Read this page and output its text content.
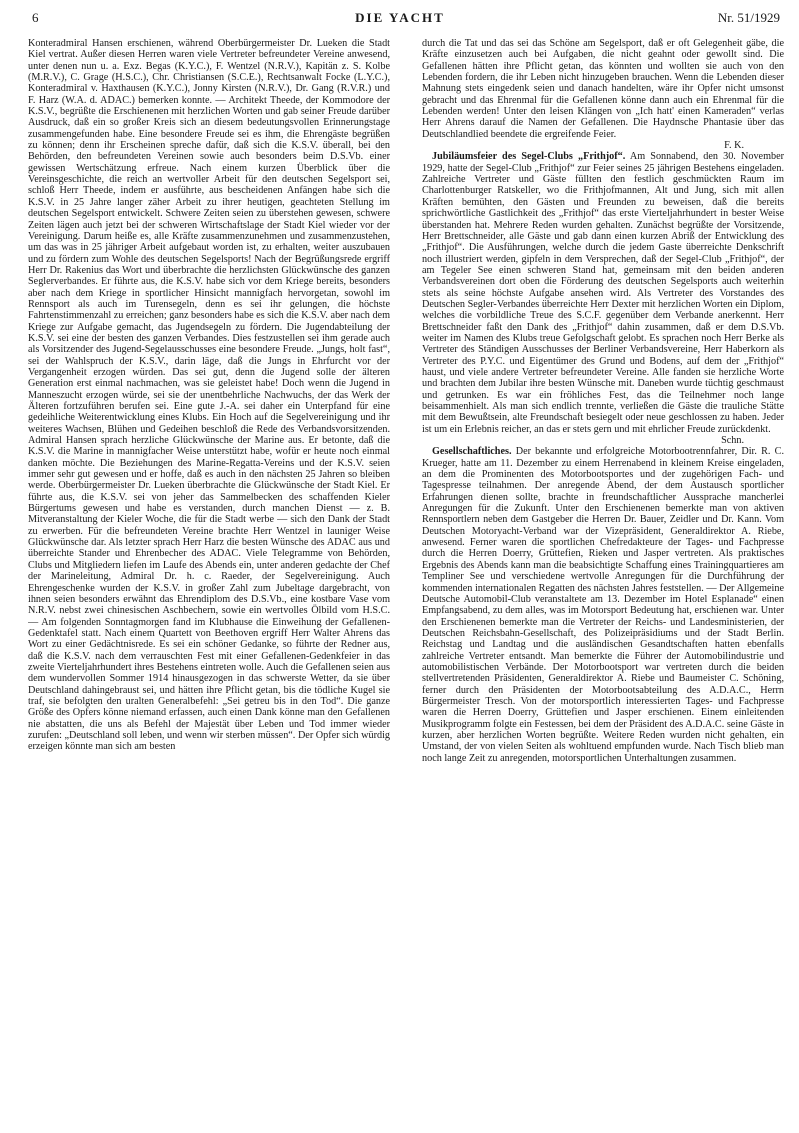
6	DIE YACHT	Nr. 51/1929

Konteradmiral Hansen erschienen, während Oberbürgermeister Dr. Lueken die Stadt Kiel vertrat. Außer diesen Herren waren viele Vertreter befreundeter Vereine anwesend, unter denen nun u. a. Exz. Begas (K.Y.C.), F. Wentzel (N.R.V.), Kapitän z. S. Kolbe (M.R.V.), C. Grage (H.S.C.), Chr. Christiansen (S.C.E.), Rechtsanwalt Focke (L.Y.C.), Konteradmiral v. Haxthausen (K.Y.C.), Jonny Kirsten (N.R.V.), Dr. Gang (R.V.R.) und F. Harz (W.A. d. ADAC.) bemerken konnte. — Architekt Theede, der Kommodore der K.S.V., begrüßte die Erschienenen mit herzlichen Worten und gab seiner Freude darüber Ausdruck, daß ein so großer Kreis sich an diesem bedeutungsvollen Erinnerungstage zusammengefunden habe. Eine besondere Freude sei es ihm, die Ehrengäste begrüßen zu können; denn ihr Erscheinen spreche dafür, daß sich die K.S.V. überall, bei den Behörden, den befreundeten Vereinen sowie auch besonders beim D.S.Vb. einer gewissen Wertschätzung erfreue. Nach einem kurzen Überblick über die Vereinsgeschichte, die reich an wertvoller Arbeit für den deutschen Segelsport sei, schloß Herr Theede, indem er ausführte, aus bescheidenen Anfängen habe sich die K.S.V. in 25 Jahre langer zäher Arbeit zu ihrer heutigen, geachteten Stellung im deutschen Segelsport entwickelt. Schwere Zeiten seien zu überstehen gewesen, schwere Zeiten lägen auch jetzt bei der schweren Wirtschaftslage der Stadt Kiel wieder vor der Vereinigung. Darum heiße es, alle Kräfte zusammenzunehmen und zusammenzustehen, um das was in 25 jähriger Arbeit aufgebaut worden ist, zu erhalten, weiter auszubauen und zu fördern zum Wohle des deutschen Segelsports! Nach der Begrüßungsrede ergriff Herr Dr. Rakenius das Wort und überbrachte die herzlichsten Glückwünsche des ganzen Seglerverbandes. Er führte aus, die K.S.V. habe sich vor dem Kriege bereits, besonders aber nach dem Kriege in sportlicher Hinsicht mannigfach hervorgetan, sowohl im Rennsport als auch im Turensegeln, denn es sei ihr gelungen, die höchste Fahrtenstimmenzahl zu erreichen; ganz besonders habe es sich die K.S.V. aber nach dem Kriege zur Aufgabe gemacht, das Jugendsegeln zu fördern. Die Jugendabteilung der K.S.V. sei eine der besten des ganzen Verbandes. Dies festzustellen sei ihm gerade auch als Vorsitzender des Jugend-Segelausschusses eine besondere Freude. „Jungs, holt fast“, sei der Wahlspruch der K.S.V., darin läge, daß die Jungs in Ehrfurcht vor der Vergangenheit erzogen würden. Das sei gut, denn die Jugend solle der älteren Generation erst einmal nachmachen, was sie geleistet habe! Doch wenn die Jugend in Manneszucht erzogen würde, sei sie der unentbehrliche Nachwuchs, der das Werk der Älteren fortzuführen berufen sei. Eine gute J.-A. sei daher ein Unterpfand für eine gedeihliche Weiterentwicklung eines Klubs. Ein Hoch auf die Segelvereinigung und ihr weiteres Wachsen, Blühen und Gedeihen beschloß die Rede des Verbandsvorsitzenden. Admiral Hansen sprach herzliche Glückwünsche der Marine aus. Er betonte, daß die K.S.V. die Marine in mannigfacher Weise unterstützt habe, wofür er heute noch einmal danken möchte. Die Beziehungen des Marine-Regatta-Vereins und der K.S.V. seien immer sehr gut gewesen und er hoffe, daß es auch in den nächsten 25 Jahren so bleiben werde. Oberbürgermeister Dr. Lueken überbrachte die Glückwünsche der Stadt Kiel. Er führte aus, die K.S.V. sei von jeher das Sammelbecken des schaffenden Kieler Bürgertums gewesen und habe es verstanden, durch manchen Dienst — z. B. Mitveranstaltung der Kieler Woche, die für die Stadt werbe — sich den Dank der Stadt zu erwerben. Für die befreundeten Vereine brachte Herr Wentzel in launiger Weise Glückwünsche dar. Als letzter sprach Herr Harz die besten Wünsche des ADAC aus und überreichte Stander und Ehrenbecher des ADAC. Viele Telegramme von Behörden, Clubs und Mitgliedern liefen im Laufe des Abends ein, unter anderen gedachte der Chef der Marineleitung, Admiral Dr. h. c. Raeder, der Segelvereinigung. Auch Ehrengeschenke wurden der K.S.V. in großer Zahl zum Jubeltage dargebracht, von ihnen seien besonders erwähnt das Ehrendiplom des D.S.Vb., eine kostbare Vase vom N.R.V. nebst zwei chinesischen Aschbechern, sowie ein wertvolles Ölbild vom H.S.C. — Am folgenden Sonntagmorgen fand im Klubhause die Einweihung der Gefallenen-Gedenktafel statt. Nach einem Quartett von Beethoven ergriff Herr Walter Ahrens das Wort zu einer Gedächtnisrede. Es sei ein schöner Gedanke, so führte der Redner aus, daß die K.S.V. nach dem verrauschten Fest mit einer Gefallenen-Gedenkfeier in das zweite Vierteljahrhundert ihres Bestehens eintreten wolle. Auch die Gefallenen seien aus dem wundervollen Sommer 1914 hinausgezogen in das schwerste Wetter, da sie über Deutschland dahingebraust sei, und hätten ihre Pflicht getan, bis die tödliche Kugel sie traf, sie befolgten den uralten Generalbefehl: „Sei getreu bis in den Tod“. Die ganze Größe des Opfers könne niemand erfassen, auch einen Dank könne man den Gefallenen nie abstatten, die uns als Befehl der Majestät über Leben und Tod immer wieder zurufen: „Deutschland soll leben, und wenn wir sterben müssen“. Der Opfer sich würdig erzeigen könnte man sich am besten

durch die Tat und das sei das Schöne am Segelsport, daß er oft Gelegenheit gäbe, die Kräfte einzusetzen auch bei Aufgaben, die nicht geahnt oder gewollt sind. Die Gefallenen hätten ihre Pflicht getan, das könnten und wollten sie auch von den Lebenden fordern, die ihr Leben nicht hinzugeben brauchen. Wenn die Lebenden dieser Mahnung stets eingedenk seien und danach handelten, wäre ihr Opfer nicht umsonst gebracht und das Ehrenmal für die Gefallenen könne dann auch ein Ehrenmal für die Lebenden werden! Unter den leisen Klängen von „Ich hatt' einen Kameraden“ verlas Herr Ahrens darauf die Namen der Gefallenen. Die Haydnsche Phantasie über das Deutschlandlied beendete die ergreifende Feier.

F. K.

Jubiläumsfeier des Segel-Clubs „Frithjof“. Am Sonnabend, den 30. November 1929, hatte der Segel-Club „Frithjof“ zur Feier seines 25 jährigen Bestehens eingeladen. Zahlreiche Vertreter und Gäste füllten den festlich geschmückten Raum im Charlottenburger Ratskeller, wo die Frithjofmannen, Alt und Jung, sich mit allen Kräften bemühten, den Gästen und Freunden zu beweisen, daß die bereits sprichwörtliche Gastlichkeit des „Frithjof“ das erste Vierteljahrhundert in bester Weise überstanden hat. Mehrere Reden wurden gehalten. Zunächst begrüßte der Vorsitzende, Herr Brettschneider, alle Gäste und gab dann einen kurzen Abriß der Entwicklung des „Frithjof“. Die Ausführungen, welche durch die jedem Gaste überreichte Denkschrift noch illustriert werden, gipfeln in dem Versprechen, daß der Segel-Club „Frithjof“, der am Tegeler See einen schweren Stand hat, gemeinsam mit den beiden anderen Verbandsvereinen dort oben die Förderung des deutschen Segelsports auch weiterhin stets als seine höchste Aufgabe ansehen wird. Als Vertreter des Vorstandes des Deutschen Segler-Verbandes überreichte Herr Dexter mit herzlichen Worten ein Diplom, welches die vorbildliche Treue des S.C.F. gegenüber dem Verbande anerkennt. Herr Brettschneider faßt den Dank des „Frithjof“ dahin zusammen, daß er dem D.S.Vb. weiter im Namen des Klubs treue Gefolgschaft gelobt. Es sprachen noch Herr Berke als Vertreter des Ständigen Ausschusses der Berliner Verbandsvereine, Herr Haberkorn als Vertreter des P.Y.C. und Eigentümer des Grund und Bodens, auf dem der „Frithjof“ haust, und viele andere Vertreter befreundeter Vereine. Alle fanden sie herzliche Worte und brachten dem Jubilar ihre besten Wünsche mit. Daneben wurde tüchtig geschmaust und getrunken. Es war ein fröhliches Fest, das die Teilnehmer noch lange beisammenhielt. Als man sich endlich trennte, verließen die Gäste die trauliche Stätte mit dem Bewußtsein, alte Freundschaft besiegelt oder neue geschlossen zu haben. Jeder ist um ein Erlebnis reicher, an das er stets gern und mit ehrlicher Freude zurückdenkt.

Schn.

Gesellschaftliches. Der bekannte und erfolgreiche Motorbootrennfahrer, Dir. R. C. Krueger, hatte am 11. Dezember zu einem Herrenabend in kleinem Kreise eingeladen, an dem die Prominenten des Motorbootsportes und der zugehörigen Fach- und Tagespresse teilnahmen. Der anregende Abend, der dem Austausch sportlicher Erfahrungen dienen sollte, brachte in freundschaftlicher Aussprache mancherlei Anregungen für die Zukunft. Unter den Erschienenen bemerkte man von aktiven Rennsportlern neben dem Gastgeber die Herren Dr. Bauer, Zeidler und Dr. Kann. Vom Deutschen Motoryacht-Verband war der Vizepräsident, Generaldirektor A. Riebe, anwesend. Ferner waren die sportlichen Chefredakteure der Tages- und Fachpresse durch die Herren Doerry, Grüttefien, Rieken und Jasper vertreten. Als praktisches Ergebnis des Abends kann man die beabsichtigte Schaffung eines Trainingquartieres am Templiner See und verschiedene wertvolle Anregungen für die Durchführung der kommenden internationalen Regatten des nächsten Jahres feststellen. — Der Allgemeine Deutsche Automobil-Club veranstaltete am 13. Dezember im Hotel Esplanade“ einen Empfangsabend, zu dem alles, was im Motorsport Bedeutung hat, erschienen war. Unter den Erschienenen bemerkte man die Vertreter der Reichs- und Landesministerien, der Deutschen Reichsbahn-Gesellschaft, des Polizeipräsidiums und der Stadt Berlin. Reichstag und Landtag und die ausländischen Gesandtschaften hatten ebenfalls zahlreiche Vertreter entsandt. Man bemerkte die Führer der Automobilindustrie und automobilistischen Verbände. Der Motorbootsport war vertreten durch die beiden stellvertretenden Präsidenten, Generaldirektor A. Riebe und Baumeister C. Schöning, ferner durch den Präsidenten der Motorbootsabteilung des A.D.A.C., Herrn Bürgermeister Tresch. Von der motorsportlich interessierten Tages- und Fachpresse waren die Herren Doerry, Grüttefien und Jasper erschienen. Einem einleitenden Musikprogramm folgte ein Festessen, bei dem der Präsident des A.D.A.C. seine Gäste in kurzen, aber herzlichen Worten begrüßte. Weitere Reden wurden nicht gehalten, ein Umstand, der von vielen Seiten als wohltuend empfunden wurde. Nach Tisch blieb man noch lange Zeit zu anregenden, motorsportlichen Unterhaltungen zusammen.
